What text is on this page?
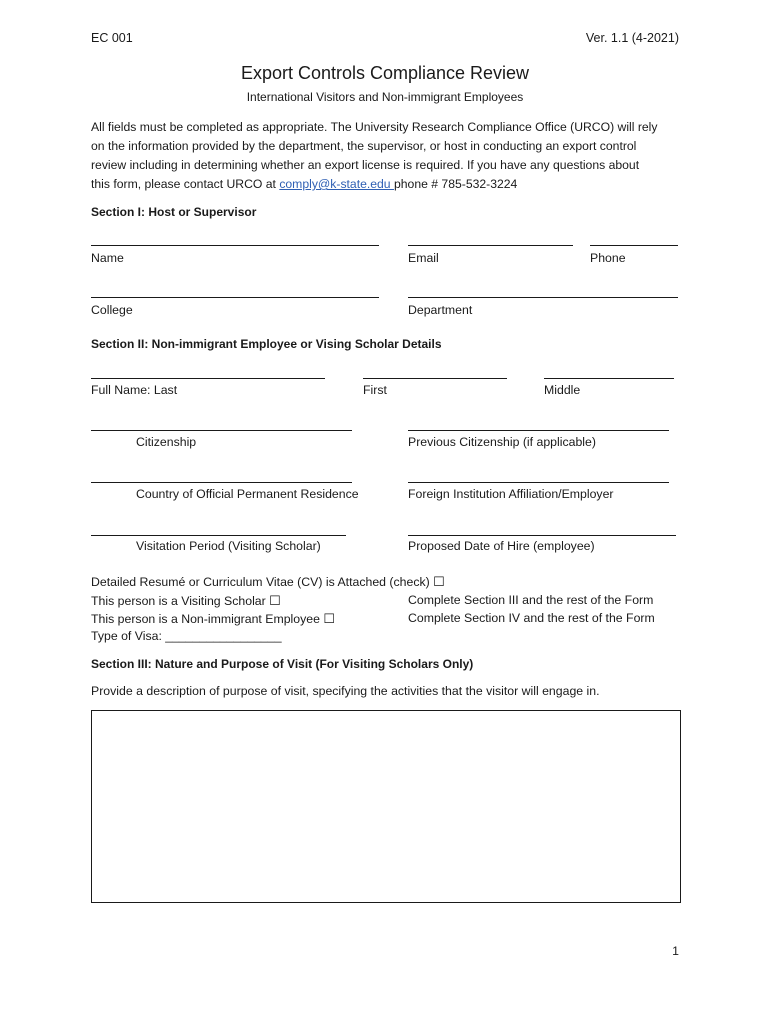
EC 001	Ver. 1.1 (4-2021)
Export Controls Compliance Review
International Visitors and Non-immigrant Employees
All fields must be completed as appropriate. The University Research Compliance Office (URCO) will rely
on the information provided by the department, the supervisor, or host in conducting an export control
review including in determining whether an export license is required. If you have any questions about
this form, please contact URCO at comply@k-state.edu phone # 785-532-3224
Section I: Host or Supervisor
Name	Email	Phone
College	Department
Section II: Non-immigrant Employee or Vising Scholar Details
Full Name: Last	First	Middle
Citizenship	Previous Citizenship (if applicable)
Country of Official Permanent Residence	Foreign Institution Affiliation/Employer
Visitation Period (Visiting Scholar)	Proposed Date of Hire (employee)
Detailed Resumé or Curriculum Vitae (CV) is Attached (check) ☐
This person is a Visiting Scholar ☐	Complete Section III and the rest of the Form
This person is a Non-immigrant Employee ☐	Complete Section IV and the rest of the Form
Type of Visa: _________________
Section III: Nature and Purpose of Visit (For Visiting Scholars Only)
Provide a description of purpose of visit, specifying the activities that the visitor will engage in.
1
